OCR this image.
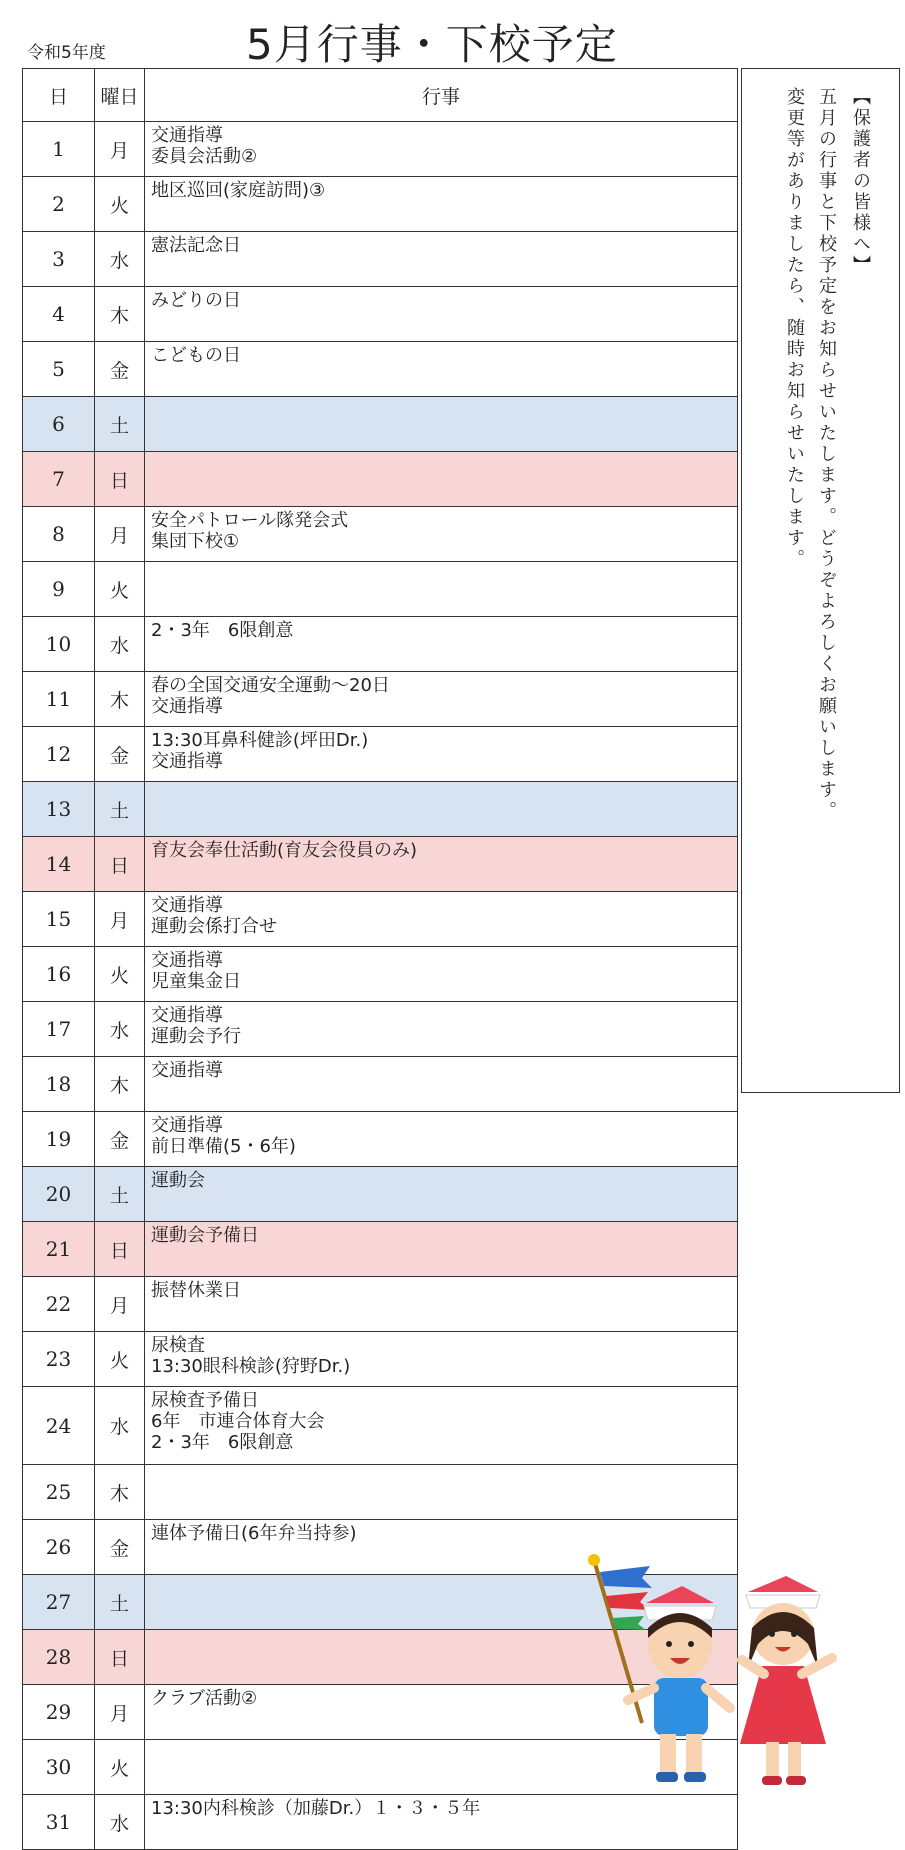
令和5年度	5月行事・下校予定
日	曜日	行事
1	月	交通指導
委員会活動②

2	火	地区巡回(家庭訪問)③

3	水	憲法記念日

4	木	みどりの日

5	金	こどもの日

6	土	
7	日	
8	月	安全パトロール隊発会式
集団下校①

9	火	
10	水	2・3年　6限創意

11	木	春の全国交通安全運動～20日
交通指導

12	金	13:30耳鼻科健診(坪田Dr.)
交通指導

13	土	
14	日	育友会奉仕活動(育友会役員のみ)

15	月	交通指導
運動会係打合せ

16	火	交通指導
児童集金日

17	水	交通指導
運動会予行

18	木	交通指導

19	金	交通指導
前日準備(5・6年)

20	土	運動会

21	日	運動会予備日

22	月	振替休業日

23	火	尿検査
13:30眼科検診(狩野Dr.)

24	水	尿検査予備日
6年　市連合体育大会
2・3年　6限創意

25	木	
26	金	連体予備日(6年弁当持参)

27	土	
28	日	
29	月	クラブ活動②

30	火	
31	水	13:30内科検診（加藤Dr.）１・３・５年
【保護者の皆様へ】
五月の行事と下校予定をお知らせいたします。どうぞよろしくお願いします。
変更等がありましたら、随時お知らせいたします。
